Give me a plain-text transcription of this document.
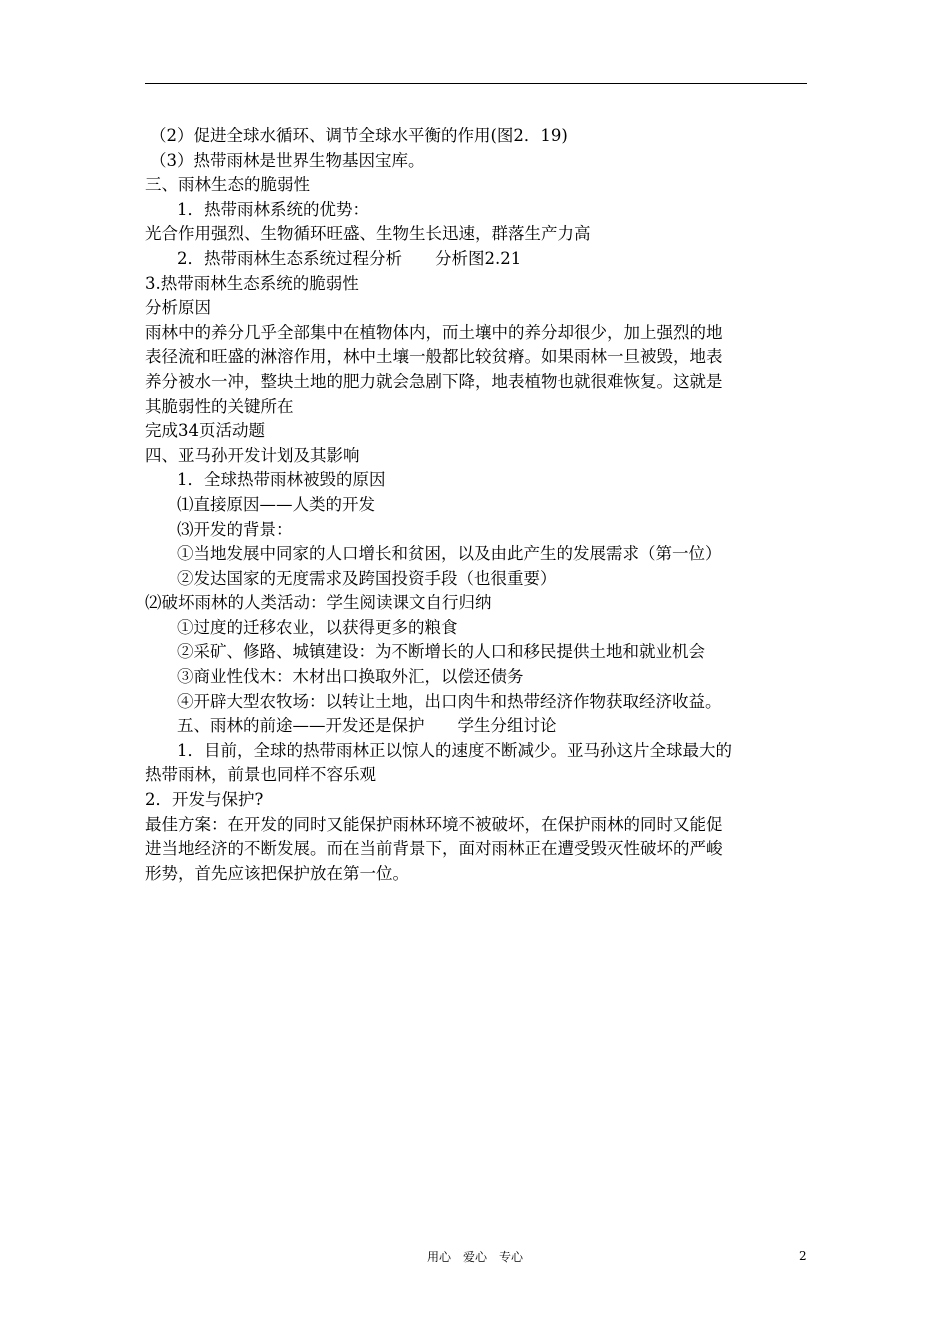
（2）促进全球水循环、调节全球水平衡的作用(图2．19)
（3）热带雨林是世界生物基因宝库。
三、雨林生态的脆弱性
1．热带雨林系统的优势：
光合作用强烈、生物循环旺盛、生物生长迅速，群落生产力高
2．热带雨林生态系统过程分析　　分析图2.21
3.热带雨林生态系统的脆弱性
分析原因
雨林中的养分几乎全部集中在植物体内，而土壤中的养分却很少，加上强烈的地
表径流和旺盛的淋溶作用，林中土壤一般都比较贫瘠。如果雨林一旦被毁，地表
养分被水一冲，整块土地的肥力就会急剧下降，地表植物也就很难恢复。这就是
其脆弱性的关键所在
完成34页活动题
四、亚马孙开发计划及其影响
1．全球热带雨林被毁的原因
⑴直接原因——人类的开发
⑶开发的背景：
①当地发展中同家的人口增长和贫困，以及由此产生的发展需求（第一位）
②发达国家的无度需求及跨国投资手段（也很重要）
⑵破坏雨林的人类活动：学生阅读课文自行归纳
①过度的迁移农业，以获得更多的粮食
②采矿、修路、城镇建设：为不断增长的人口和移民提供土地和就业机会
③商业性伐木：木材出口换取外汇，以偿还债务
④开辟大型农牧场：以转让土地，出口肉牛和热带经济作物获取经济收益。
五、雨林的前途——开发还是保护　　学生分组讨论
1．目前，全球的热带雨林正以惊人的速度不断减少。亚马孙这片全球最大的
热带雨林，前景也同样不容乐观
2．开发与保护?
最佳方案：在开发的同时又能保护雨林环境不被破坏，在保护雨林的同时又能促
进当地经济的不断发展。而在当前背景下，面对雨林正在遭受毁灭性破坏的严峻
形势，首先应该把保护放在第一位。
用心　爱心　专心	2
